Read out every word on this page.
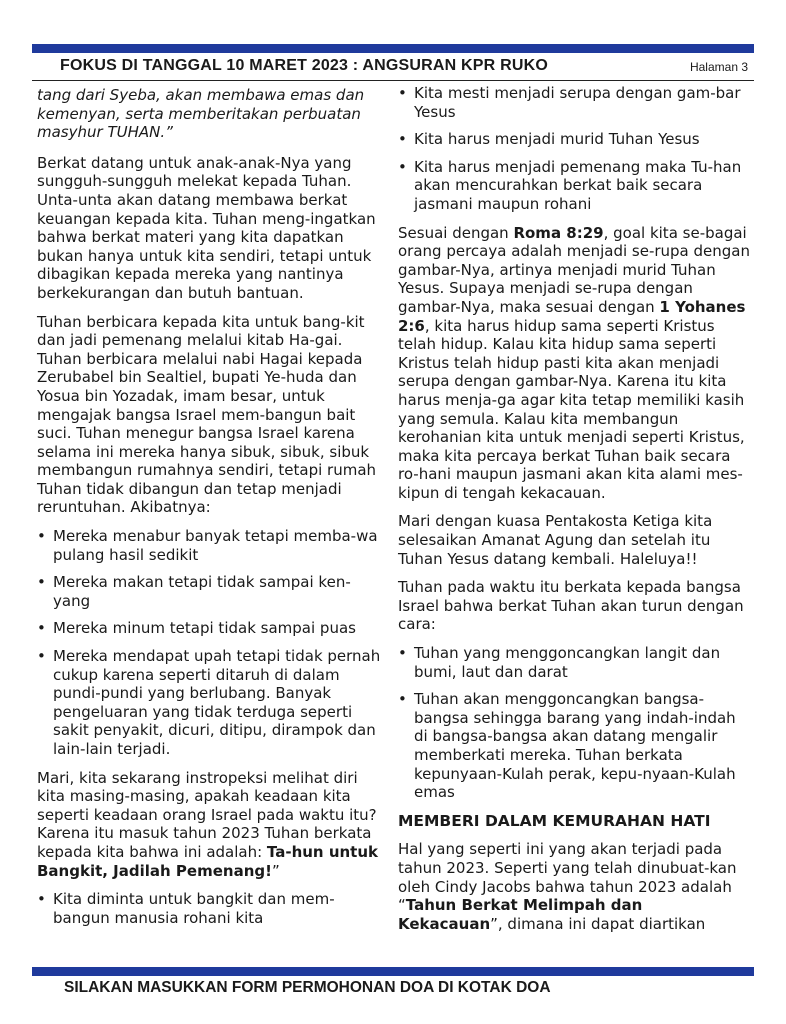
FOKUS DI TANGGAL 10 MARET 2023 : ANGSURAN KPR RUKO	Halaman 3

tang dari Syeba, akan membawa emas dan kemenyan, serta memberitakan perbuatan masyhur TUHAN.”

Berkat datang untuk anak-anak-Nya yang sungguh-sungguh melekat kepada Tuhan. Unta-unta akan datang membawa berkat keuangan kepada kita. Tuhan meng-ingatkan bahwa berkat materi yang kita dapatkan bukan hanya untuk kita sendiri, tetapi untuk dibagikan kepada mereka yang nantinya berkekurangan dan butuh bantuan.

Tuhan berbicara kepada kita untuk bang-kit dan jadi pemenang melalui kitab Ha-gai. Tuhan berbicara melalui nabi Hagai kepada Zerubabel bin Sealtiel, bupati Ye-huda dan Yosua bin Yozadak, imam besar, untuk mengajak bangsa Israel mem-bangun bait suci. Tuhan menegur bangsa Israel karena selama ini mereka hanya sibuk, sibuk, sibuk membangun rumahnya sendiri, tetapi rumah Tuhan tidak dibangun dan tetap menjadi reruntuhan. Akibatnya:

• Mereka menabur banyak tetapi memba-wa pulang hasil sedikit
• Mereka makan tetapi tidak sampai ken-yang
• Mereka minum tetapi tidak sampai puas
• Mereka mendapat upah tetapi tidak pernah cukup karena seperti ditaruh di dalam pundi-pundi yang berlubang. Banyak pengeluaran yang tidak terduga seperti sakit penyakit, dicuri, ditipu, dirampok dan lain-lain terjadi.

Mari, kita sekarang instropeksi melihat diri kita masing-masing, apakah keadaan kita seperti keadaan orang Israel pada waktu itu? Karena itu masuk tahun 2023 Tuhan berkata kepada kita bahwa ini adalah: Ta-hun untuk Bangkit, Jadilah Pemenang!”

• Kita diminta untuk bangkit dan mem-bangun manusia rohani kita
• Kita mesti menjadi serupa dengan gam-bar Yesus
• Kita harus menjadi murid Tuhan Yesus
• Kita harus menjadi pemenang maka Tu-han akan mencurahkan berkat baik secara jasmani maupun rohani

Sesuai dengan Roma 8:29, goal kita se-bagai orang percaya adalah menjadi se-rupa dengan gambar-Nya, artinya menjadi murid Tuhan Yesus. Supaya menjadi se-rupa dengan gambar-Nya, maka sesuai dengan 1 Yohanes 2:6, kita harus hidup sama seperti Kristus telah hidup. Kalau kita hidup sama seperti Kristus telah hidup pasti kita akan menjadi serupa dengan gambar-Nya. Karena itu kita harus menja-ga agar kita tetap memiliki kasih yang semula. Kalau kita membangun kerohanian kita untuk menjadi seperti Kristus, maka kita percaya berkat Tuhan baik secara ro-hani maupun jasmani akan kita alami mes-kipun di tengah kekacauan.

Mari dengan kuasa Pentakosta Ketiga kita selesaikan Amanat Agung dan setelah itu Tuhan Yesus datang kembali. Haleluya!!

Tuhan pada waktu itu berkata kepada bangsa Israel bahwa berkat Tuhan akan turun dengan cara:

• Tuhan yang menggoncangkan langit dan bumi, laut dan darat
• Tuhan akan menggoncangkan bangsa-bangsa sehingga barang yang indah-indah di bangsa-bangsa akan datang mengalir memberkati mereka. Tuhan berkata kepunyaan-Kulah perak, kepu-nyaan-Kulah emas
MEMBERI DALAM KEMURAHAN HATI

Hal yang seperti ini yang akan terjadi pada tahun 2023. Seperti yang telah dinubuat-kan oleh Cindy Jacobs bahwa tahun 2023 adalah “Tahun Berkat Melimpah dan Kekacauan”, dimana ini dapat diartikan

SILAKAN MASUKKAN FORM PERMOHONAN DOA DI KOTAK DOA
